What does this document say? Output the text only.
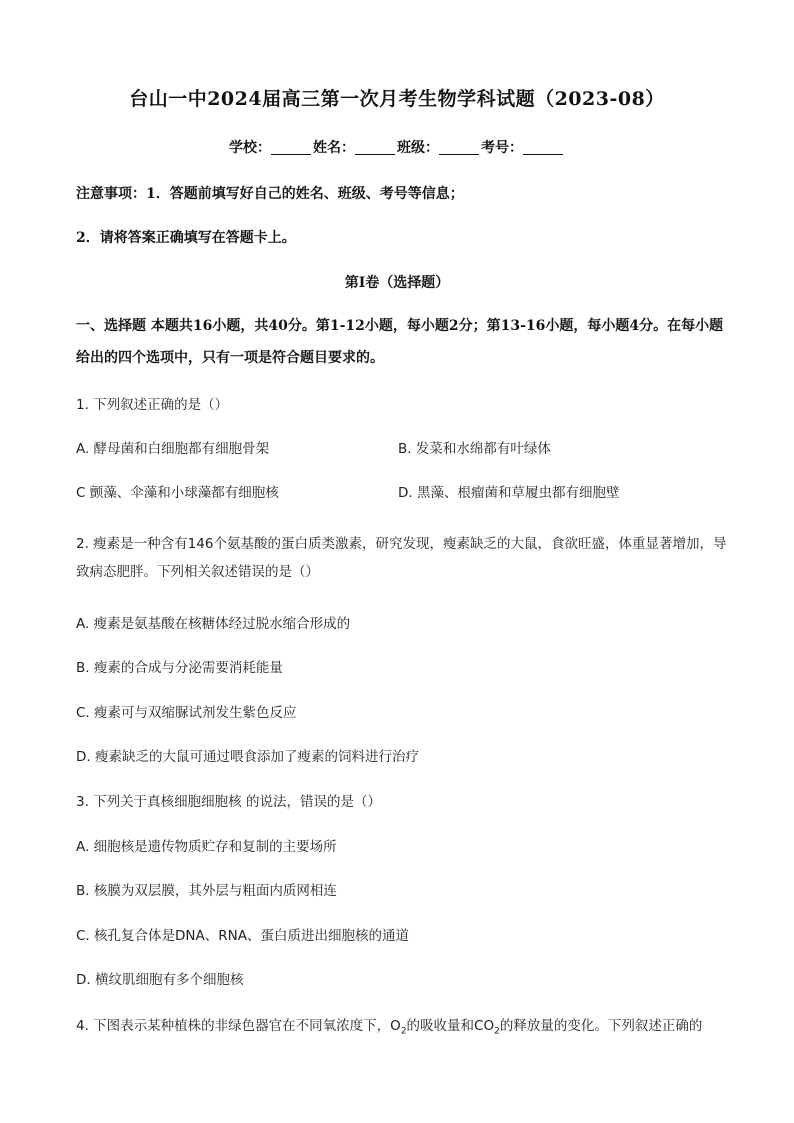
台山一中2024届高三第一次月考生物学科试题（2023-08）
学校：	姓名：	班级：	考号：
注意事项：1．答题前填写好自己的姓名、班级、考号等信息；
2．请将答案正确填写在答题卡上。
第Ⅰ卷（选择题）
一、选择题 本题共16小题，共40分。第1-12小题，每小题2分；第13-16小题，每小题4分。在每小题给出的四个选项中，只有一项是符合题目要求的。
1. 下列叙述正确的是（）
A. 酵母菌和白细胞都有细胞骨架	B. 发菜和水绵都有叶绿体
C 颤藻、伞藻和小球藻都有细胞核	D. 黑藻、根瘤菌和草履虫都有细胞壁
2. 瘦素是一种含有146个氨基酸的蛋白质类激素，研究发现，瘦素缺乏的大鼠，食欲旺盛，体重显著增加，导致病态肥胖。下列相关叙述错误的是（）
A. 瘦素是氨基酸在核糖体经过脱水缩合形成的
B. 瘦素的合成与分泌需要消耗能量
C. 瘦素可与双缩脲试剂发生紫色反应
D. 瘦素缺乏的大鼠可通过喂食添加了瘦素的饲料进行治疗
3. 下列关于真核细胞细胞核 的说法，错误的是（）
A. 细胞核是遗传物质贮存和复制的主要场所
B. 核膜为双层膜，其外层与粗面内质网相连
C. 核孔复合体是DNA、RNA、蛋白质进出细胞核的通道
D. 横纹肌细胞有多个细胞核
4. 下图表示某种植株的非绿色器官在不同氧浓度下，$O_2$的吸收量和$CO_2$的释放量的变化。下列叙述正确的
